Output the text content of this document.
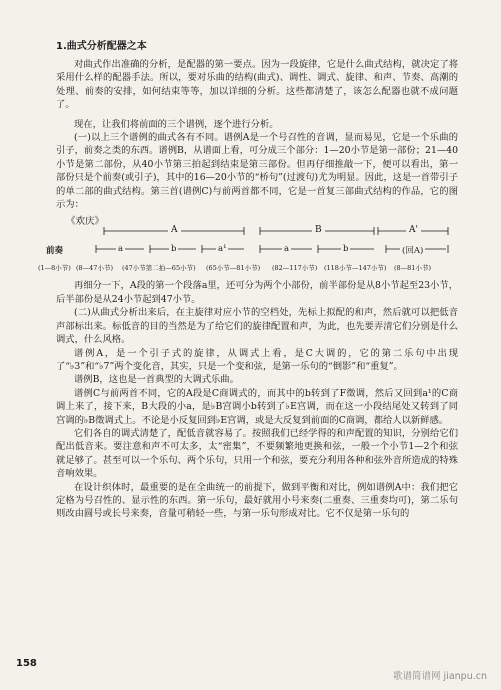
1.曲式分析配器之本

对曲式作出准确的分析，是配器的第一要点。因为一段旋律，它是什么曲式结构，就决定了将采用什么样的配器手法。所以，要对乐曲的结构(曲式)、调性、调式、旋律、和声、节奏、高潮的处理、前奏的安排，如何结束等等，加以详细的分析。这些都清楚了，该怎么配器也就不成问题了。

现在，让我们将前面的三个谱例，逐个进行分析。

(一)以上三个谱例的曲式各有不同。谱例A是一个号召性的音调，显而易见，它是一个乐曲的引子，前奏之类的东西。谱例B，从谱面上看，可分成三个部分：1—20小节是第一部份；21—40小节是第二部份，从40小节第三拍起到结束是第三部份。但再仔细推敲一下，便可以看出，第一部份只是个前奏(或引子)，其中的16—20小节的“桥句”(过渡句)尤为明显。因此，这是一首带引子的单二部的曲式结构。第三首(谱例C)与前两首都不同，它是一首复三部曲式结构的作品，它的图示为：

《欢庆》
A	B	A'
前奏	a	b	a¹	a	b	(回A)
(1—8小节) (8—47小节) (47小节第二拍—65小节) (65小节—81小节) (82—117小节) (118小节—147小节) (8—81小节)

再细分一下，A段的第一个段落a里，还可分为两个小部份，前半部份是从8小节起至23小节，后半部份是从24小节起到47小节。

(二)从曲式分析出来后，在主旋律对应小节的空档处，先标上拟配的和声，然后就可以把低音声部标出来。标低音的目的当然是为了给它们的旋律配置和声，为此，也先要弄清它们分别是什么调式，什么风格。

谱例A，是一个引子式的旋律，从调式上看，是C大调的，它的第二乐句中出现了“♭3”和“♭7”两个变化音，其实，只是一个变和弦，是第一乐句的“倒影”和“重复”。

谱例B，这也是一首典型的大调式乐曲。

谱例C与前两首不同，它的A段是C商调式的，而其中的b转到了F徵调，然后又回到a¹的C商调上来了，接下来，B大段的小a，是♭B宫调小b转到了♭E宫调，而在这一小段结尾处又转到了同宫调的♭B徵调式上。不论是小反复回到♭E宫调，或是大反复到前面的C商调，都给人以新鲜感。

它们各自的调式清楚了，配低音就容易了。按照我们已经学得的和声配置的知识，分别给它们配出低音来。要注意和声不可太多，太“密集”，不要频繁地更换和弦，一般一个小节1—2个和弦就足够了。甚至可以一个乐句、两个乐句，只用一个和弦，要充分利用各种和弦外音所造成的特殊音响效果。

在设计织体时，最重要的是在全曲统一的前提下，做到平衡和对比，例如谱例A中：我们把它定格为号召性的、显示性的东西。第一乐句，最好就用小号来奏(二重奏、三重奏均可)，第二乐句则改由圆号或长号来奏，音量可稍轻一些，与第一乐句形成对比。它不仅是第一乐句的

158
歌谱简谱网 jianpu.cn
